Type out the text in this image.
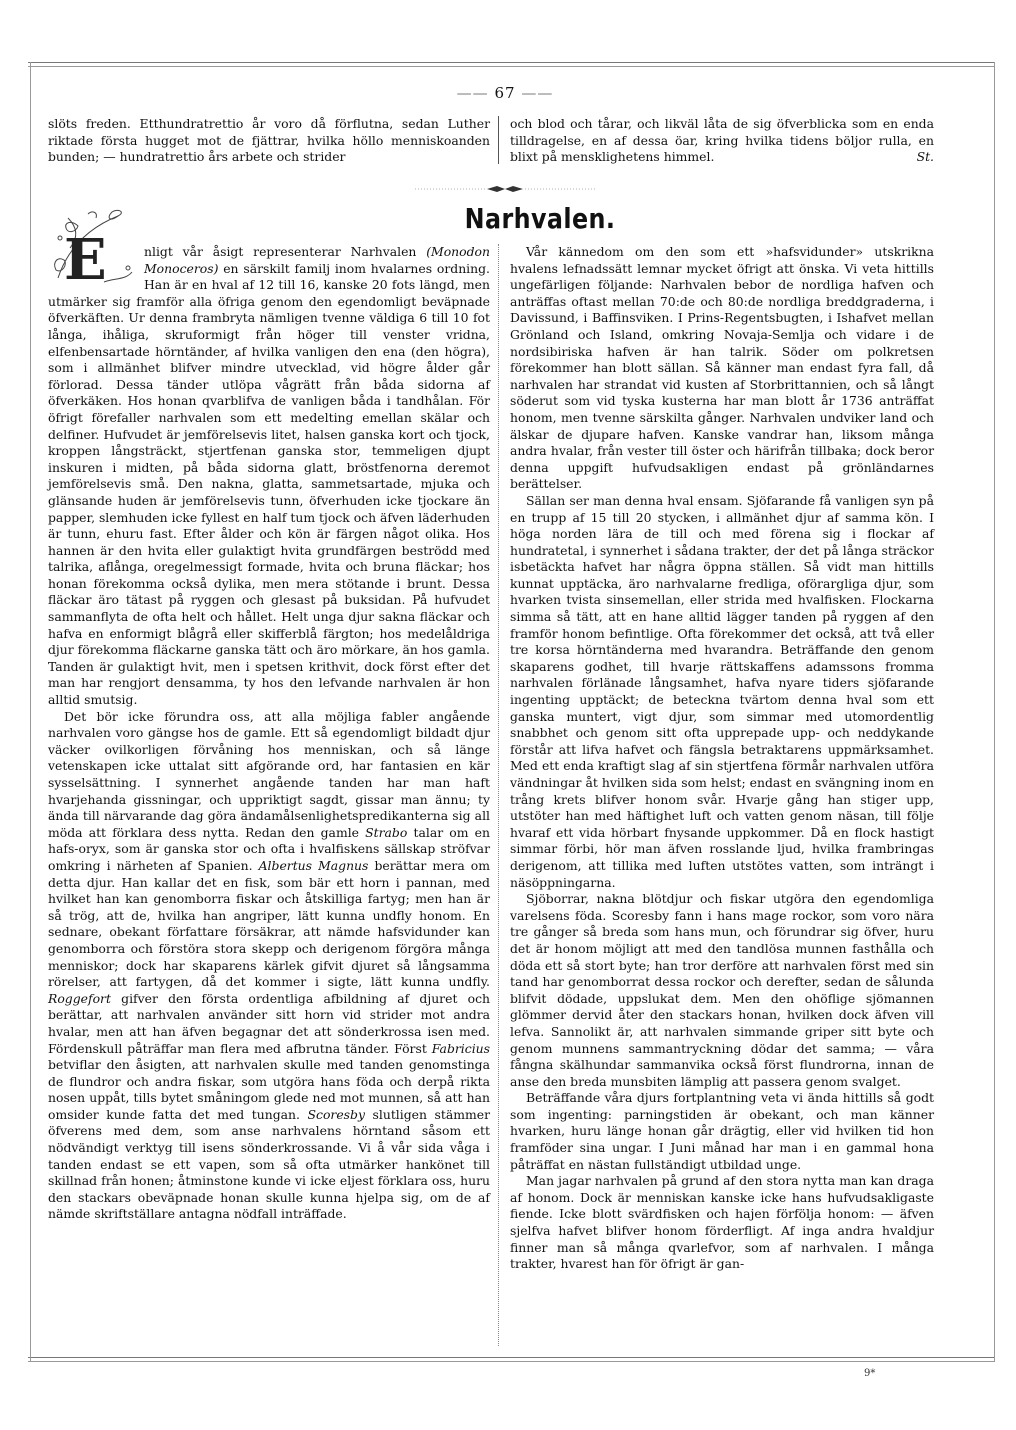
—— 67 ——

slöts freden. Etthundratrettio år voro då förflutna, sedan Luther riktade första hugget mot de fjättrar, hvilka höllo menniskoanden bunden; — hundratrettio års arbete och strider

och blod och tårar, och likväl låta de sig öfverblicka som en enda tilldragelse, en af dessa öar, kring hvilka tidens böljor rulla, en blixt på mensklighetens himmel.	St.

Narhvalen.

E	nligt vår åsigt representerar Narhvalen (Monodon Monoceros) en särskilt familj inom hvalarnes ordning. Han är en hval af 12 till 16, kanske 20 fots längd, men utmärker sig framför alla öfriga genom den egendomligt beväpnade öfverkäften. Ur denna frambryta nämligen tvenne väldiga 6 till 10 fot långa, ihåliga, skruformigt från höger till venster vridna, elfenbensartade hörntänder, af hvilka vanligen den ena (den högra), som i allmänhet blifver mindre utvecklad, vid högre ålder går förlorad. Dessa tänder utlöpa vågrätt från båda sidorna af öfverkäken. Hos honan qvarblifva de vanligen båda i tandhålan. För öfrigt förefaller narhvalen som ett medelting emellan skälar och delfiner. Hufvudet är jemförelsevis litet, halsen ganska kort och tjock, kroppen långsträckt, stjertfenan ganska stor, temmeligen djupt inskuren i midten, på båda sidorna glatt, bröstfenorna deremot jemförelsevis små. Den nakna, glatta, sammetsartade, mjuka och glänsande huden är jemförelsevis tunn, öfverhuden icke tjockare än papper, slemhuden icke fyllest en half tum tjock och äfven läderhuden är tunn, ehuru fast. Efter ålder och kön är färgen något olika. Hos hannen är den hvita eller gulaktigt hvita grundfärgen beströdd med talrika, aflånga, oregelmessigt formade, hvita och bruna fläckar; hos honan förekomma också dylika, men mera stötande i brunt. Dessa fläckar äro tätast på ryggen och glesast på buksidan. På hufvudet sammanflyta de ofta helt och hållet. Helt unga djur sakna fläckar och hafva en enformigt blågrå eller skifferblå färgton; hos medelåldriga djur förekomma fläckarne ganska tätt och äro mörkare, än hos gamla. Tanden är gulaktigt hvit, men i spetsen krithvit, dock först efter det man har rengjort densamma, ty hos den lefvande narhvalen är hon alltid smutsig.

Det bör icke förundra oss, att alla möjliga fabler angående narhvalen voro gängse hos de gamle. Ett så egendomligt bildadt djur väcker ovilkorligen förvåning hos menniskan, och så länge vetenskapen icke uttalat sitt afgörande ord, har fantasien en kär sysselsättning. I synnerhet angående tanden har man haft hvarjehanda gissningar, och uppriktigt sagdt, gissar man ännu; ty ända till närvarande dag göra ändamålsenlighetspredikanterna sig all möda att förklara dess nytta. Redan den gamle Strabo talar om en hafs-oryx, som är ganska stor och ofta i hvalfiskens sällskap ströfvar omkring i närheten af Spanien. Albertus Magnus berättar mera om detta djur. Han kallar det en fisk, som bär ett horn i pannan, med hvilket han kan genomborra fiskar och åtskilliga fartyg; men han är så trög, att de, hvilka han angriper, lätt kunna undfly honom. En sednare, obekant författare försäkrar, att nämde hafsvidunder kan genomborra och förstöra stora skepp och derigenom förgöra många menniskor; dock har skaparens kärlek gifvit djuret så långsamma rörelser, att fartygen, då det kommer i sigte, lätt kunna undfly. Roggefort gifver den första ordentliga afbildning af djuret och berättar, att narhvalen använder sitt horn vid strider mot andra hvalar, men att han äfven begagnar det att sönderkrossa isen med. Fördenskull påträffar man flera med afbrutna tänder. Först Fabricius betviflar den åsigten, att narhvalen skulle med tanden genomstinga de flundror och andra fiskar, som utgöra hans föda och derpå rikta nosen uppåt, tills bytet småningom glede ned mot munnen, så att han omsider kunde fatta det med tungan. Scoresby slutligen stämmer öfverens med dem, som anse narhvalens hörntand såsom ett nödvändigt verktyg till isens sönderkrossande. Vi å vår sida våga i tanden endast se ett vapen, som så ofta utmärker hankönet till skillnad från honen; åtminstone kunde vi icke eljest förklara oss, huru den stackars obeväpnade honan skulle kunna hjelpa sig, om de af nämde skriftställare antagna nödfall inträffade.

Vår kännedom om den som ett »hafsvidunder» utskrikna hvalens lefnadssätt lemnar mycket öfrigt att önska. Vi veta hittills ungefärligen följande: Narhvalen bebor de nordliga hafven och anträffas oftast mellan 70:de och 80:de nordliga breddgraderna, i Davissund, i Baffinsviken. I Prins-Regentsbugten, i Ishafvet mellan Grönland och Island, omkring Novaja-Semlja och vidare i de nordsibiriska hafven är han talrik. Söder om polkretsen förekommer han blott sällan. Så känner man endast fyra fall, då narhvalen har strandat vid kusten af Storbrittannien, och så långt söderut som vid tyska kusterna har man blott år 1736 anträffat honom, men tvenne särskilta gånger. Narhvalen undviker land och älskar de djupare hafven. Kanske vandrar han, liksom många andra hvalar, från vester till öster och härifrån tillbaka; dock beror denna uppgift hufvudsakligen endast på grönländarnes berättelser.

Sällan ser man denna hval ensam. Sjöfarande få vanligen syn på en trupp af 15 till 20 stycken, i allmänhet djur af samma kön. I höga norden lära de till och med förena sig i flockar af hundratetal, i synnerhet i sådana trakter, der det på långa sträckor isbetäckta hafvet har några öppna ställen. Så vidt man hittills kunnat upptäcka, äro narhvalarne fredliga, oförargliga djur, som hvarken tvista sinsemellan, eller strida med hvalfisken. Flockarna simma så tätt, att en hane alltid lägger tanden på ryggen af den framför honom befintlige. Ofta förekommer det också, att två eller tre korsa hörntänderna med hvarandra. Beträffande den genom skaparens godhet, till hvarje rättskaffens adamssons fromma narhvalen förlänade långsamhet, hafva nyare tiders sjöfarande ingenting upptäckt; de beteckna tvärtom denna hval som ett ganska muntert, vigt djur, som simmar med utomordentlig snabbhet och genom sitt ofta upprepade upp- och neddykande förstår att lifva hafvet och fängsla betraktarens uppmärksamhet. Med ett enda kraftigt slag af sin stjertfena förmår narhvalen utföra vändningar åt hvilken sida som helst; endast en svängning inom en trång krets blifver honom svår. Hvarje gång han stiger upp, utstöter han med häftighet luft och vatten genom näsan, till följe hvaraf ett vida hörbart fnysande uppkommer. Då en flock hastigt simmar förbi, hör man äfven rosslande ljud, hvilka frambringas derigenom, att tillika med luften utstötes vatten, som inträngt i näsöppningarna.

Sjöborrar, nakna blötdjur och fiskar utgöra den egendomliga varelsens föda. Scoresby fann i hans mage rockor, som voro nära tre gånger så breda som hans mun, och förundrar sig öfver, huru det är honom möjligt att med den tandlösa munnen fasthålla och döda ett så stort byte; han tror derföre att narhvalen först med sin tand har genomborrat dessa rockor och derefter, sedan de sålunda blifvit dödade, uppslukat dem. Men den ohöflige sjömannen glömmer dervid åter den stackars honan, hvilken dock äfven vill lefva. Sannolikt är, att narhvalen simmande griper sitt byte och genom munnens sammantryckning dödar det samma; — våra fångna skälhundar sammanvika också först flundrorna, innan de anse den breda munsbiten lämplig att passera genom svalget.

Beträffande våra djurs fortplantning veta vi ända hittills så godt som ingenting: parningstiden är obekant, och man känner hvarken, huru länge honan går drägtig, eller vid hvilken tid hon framföder sina ungar. I Juni månad har man i en gammal hona påträffat en nästan fullständigt utbildad unge.

Man jagar narhvalen på grund af den stora nytta man kan draga af honom. Dock är menniskan kanske icke hans hufvudsakligaste fiende. Icke blott svärdfisken och hajen förfölja honom: — äfven sjelfva hafvet blifver honom förderfligt. Af inga andra hvaldjur finner man så många qvarlefvor, som af narhvalen. I många trakter, hvarest han för öfrigt är gan-

9*
